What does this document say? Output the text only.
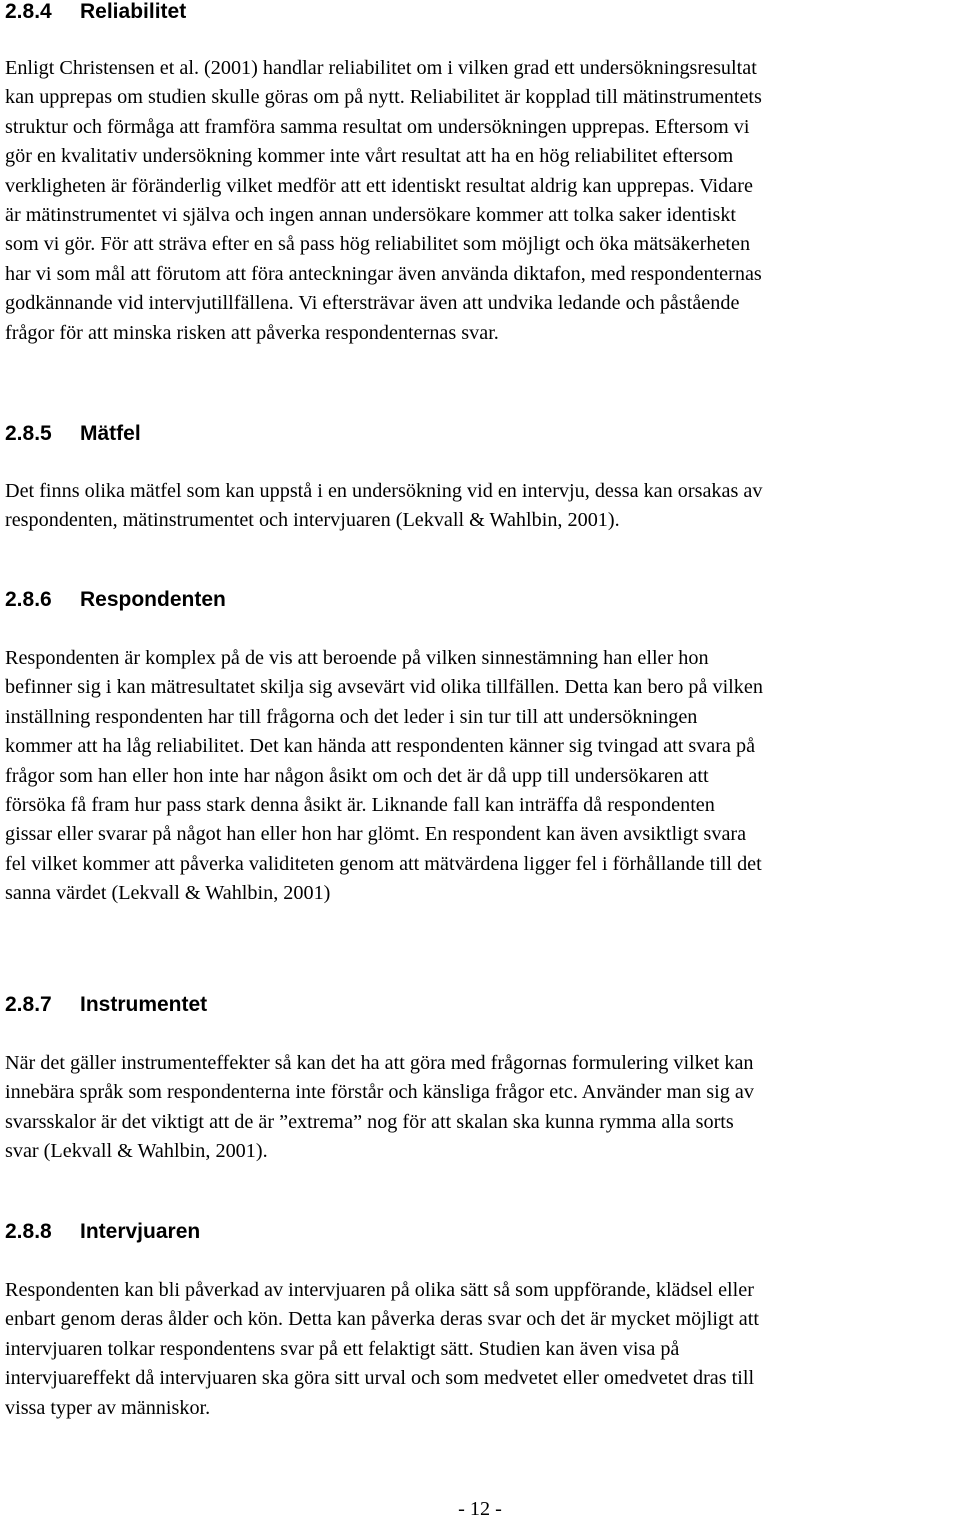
2.8.4 Reliabilitet
Enligt Christensen et al. (2001) handlar reliabilitet om i vilken grad ett undersökningsresultat
kan upprepas om studien skulle göras om på nytt. Reliabilitet är kopplad till mätinstrumentets
struktur och förmåga att framföra samma resultat om undersökningen upprepas. Eftersom vi
gör en kvalitativ undersökning kommer inte vårt resultat att ha en hög reliabilitet eftersom
verkligheten är föränderlig vilket medför att ett identiskt resultat aldrig kan upprepas. Vidare
är mätinstrumentet vi själva och ingen annan undersökare kommer att tolka saker identiskt
som vi gör. För att sträva efter en så pass hög reliabilitet som möjligt och öka mätsäkerheten
har vi som mål att förutom att föra anteckningar även använda diktafon, med respondenternas
godkännande vid intervjutillfällena. Vi eftersträvar även att undvika ledande och påstående
frågor för att minska risken att påverka respondenternas svar.
2.8.5 Mätfel
Det finns olika mätfel som kan uppstå i en undersökning vid en intervju, dessa kan orsakas av
respondenten, mätinstrumentet och intervjuaren (Lekvall & Wahlbin, 2001).
2.8.6 Respondenten
Respondenten är komplex på de vis att beroende på vilken sinnestämning han eller hon
befinner sig i kan mätresultatet skilja sig avsevärt vid olika tillfällen. Detta kan bero på vilken
inställning respondenten har till frågorna och det leder i sin tur till att undersökningen
kommer att ha låg reliabilitet. Det kan hända att respondenten känner sig tvingad att svara på
frågor som han eller hon inte har någon åsikt om och det är då upp till undersökaren att
försöka få fram hur pass stark denna åsikt är. Liknande fall kan inträffa då respondenten
gissar eller svarar på något han eller hon har glömt. En respondent kan även avsiktligt svara
fel vilket kommer att påverka validiteten genom att mätvärdena ligger fel i förhållande till det
sanna värdet (Lekvall & Wahlbin, 2001)
2.8.7 Instrumentet
När det gäller instrumenteffekter så kan det ha att göra med frågornas formulering vilket kan
innebära språk som respondenterna inte förstår och känsliga frågor etc. Använder man sig av
svarsskalor är det viktigt att de är ”extrema” nog för att skalan ska kunna rymma alla sorts
svar (Lekvall & Wahlbin, 2001).
2.8.8 Intervjuaren
Respondenten kan bli påverkad av intervjuaren på olika sätt så som uppförande, klädsel eller
enbart genom deras ålder och kön. Detta kan påverka deras svar och det är mycket möjligt att
intervjuaren tolkar respondentens svar på ett felaktigt sätt. Studien kan även visa på
intervjuareffekt då intervjuaren ska göra sitt urval och som medvetet eller omedvetet dras till
vissa typer av människor.
- 12 -
